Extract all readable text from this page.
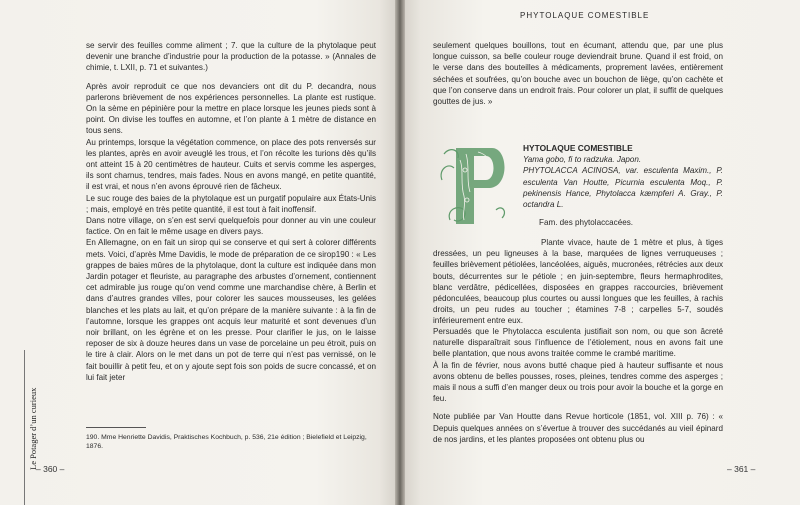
Le Potager d’un curieux

se servir des feuilles comme aliment ; 7. que la culture de la phytolaque peut devenir une branche d’industrie pour la production de la potasse. » (Annales de chimie, t. LXII, p. 71 et suivantes.)

Après avoir reproduit ce que nos devanciers ont dit du P. decandra, nous parlerons brièvement de nos expériences personnelles. La plante est rustique. On la sème en pépinière pour la mettre en place lorsque les jeunes pieds sont à point. On divise les touffes en automne, et l’on plante à 1 mètre de distance en tous sens.

Au printemps, lorsque la végétation commence, on place des pots renversés sur les plantes, après en avoir aveuglé les trous, et l’on récolte les turions dès qu’ils ont atteint 15 à 20 centimètres de hauteur. Cuits et servis comme les asperges, ils sont charnus, tendres, mais fades. Nous en avons mangé, en petite quantité, il est vrai, et nous n’en avons éprouvé rien de fâcheux.

Le suc rouge des baies de la phytolaque est un purgatif populaire aux États-Unis ; mais, employé en très petite quantité, il est tout à fait inoffensif.

Dans notre village, on s’en est servi quelquefois pour donner au vin une couleur factice. On en fait le même usage en divers pays.

En Allemagne, on en fait un sirop qui se conserve et qui sert à colorer différents mets. Voici, d’après Mme Davidis, le mode de préparation de ce sirop190 : « Les grappes de baies mûres de la phytolaque, dont la culture est indiquée dans mon Jardin potager et fleuriste, au paragraphe des arbustes d’ornement, contiennent cet admirable jus rouge qu’on vend comme une marchandise chère, à Berlin et dans d’autres grandes villes, pour colorer les sauces mousseuses, les gelées blanches et les plats au lait, et qu’on prépare de la manière suivante : à la fin de l’automne, lorsque les grappes ont acquis leur maturité et sont devenues d’un noir brillant, on les égrène et on les presse. Pour clarifier le jus, on le laisse reposer de six à douze heures dans un vase de porcelaine un peu étroit, puis on le tire à clair. Alors on le met dans un pot de terre qui n’est pas vernissé, on le fait bouillir à petit feu, et on y ajoute sept fois son poids de sucre concassé, et on lui fait jeter

190. Mme Henriette Davidis, Praktisches Kochbuch, p. 536, 21e édition ; Bielefield et Leipzig, 1876.
– 360 –
PHYTOLAQUE COMESTIBLE
seulement quelques bouillons, tout en écumant, attendu que, par une plus longue cuisson, sa belle couleur rouge deviendrait brune. Quand il est froid, on le verse dans des bouteilles à médicaments, proprement lavées, entièrement séchées et soufrées, qu’on bouche avec un bouchon de liège, qu’on cachète et que l’on conserve dans un endroit frais. Pour colorer un plat, il suffit de quelques gouttes de jus. »

HYTOLAQUE COMESTIBLE

Yama gobo, fi to radzuka. Japon.

PHYTOLACCA ACINOSA, var. esculenta Maxim., P. esculenta Van Houtte, Picurnia esculenta Moq., P. pekinensis Hance, Phytolacca kæmpferi A. Gray., P. octandra L.

Fam. des phytolaccacées.

Plante vivace, haute de 1 mètre et plus, à tiges dressées, un peu ligneuses à la base, marquées de lignes verruqueuses ; feuilles brièvement pétiolées, lancéolées, aiguës, mucronées, rétrécies aux deux bouts, décurrentes sur le pétiole ; en juin-septembre, fleurs hermaphrodites, blanc verdâtre, pédicellées, disposées en grappes raccourcies, brièvement pédonculées, beaucoup plus courtes ou aussi longues que les feuilles, à rachis droits, un peu rudes au toucher ; étamines 7-8 ; carpelles 5-7, soudés inférieurement entre eux.

Persuadés que le Phytolacca esculenta justifiait son nom, ou que son âcreté naturelle disparaîtrait sous l’influence de l’étiolement, nous en avons fait une belle plantation, que nous avons traitée comme le crambé maritime.

À la fin de février, nous avons butté chaque pied à hauteur suffisante et nous avons obtenu de belles pousses, roses, pleines, tendres comme des asperges ; mais il nous a suffi d’en manger deux ou trois pour avoir la bouche et la gorge en feu.

Note publiée par Van Houtte dans Revue horticole (1851, vol. XIII p. 76) : « Depuis quelques années on s’évertue à trouver des succédanés au vieil épinard de nos jardins, et les plantes proposées ont obtenu plus ou

– 361 –
